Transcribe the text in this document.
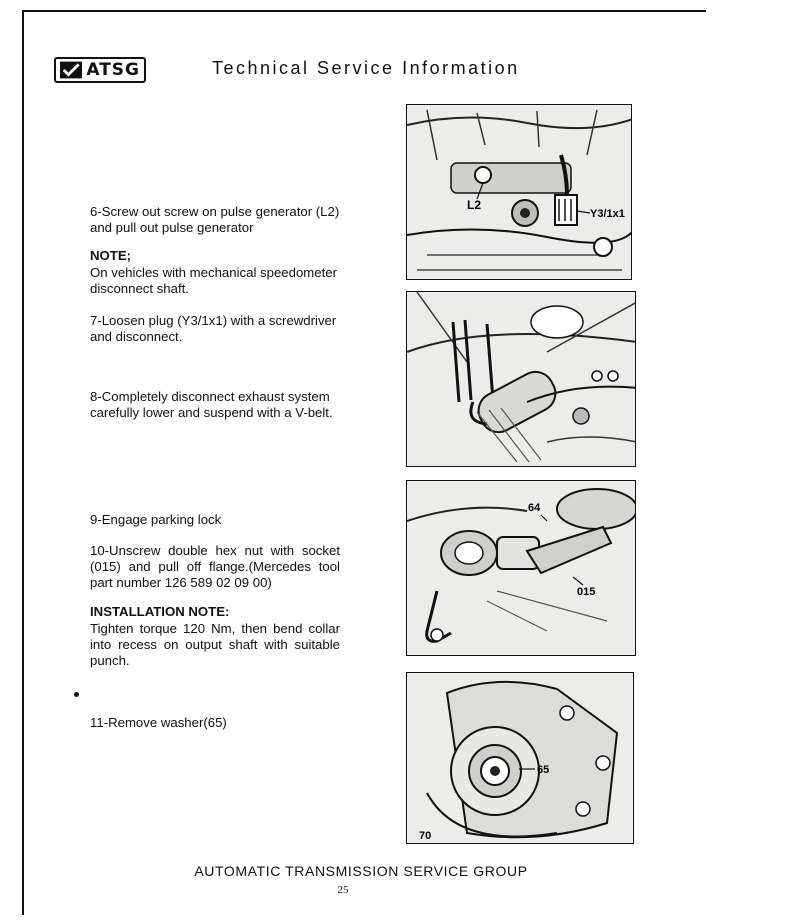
ATSG	Technical Service Information

6-Screw out screw on pulse generator (L2) and pull out pulse generator

NOTE;

On vehicles with mechanical speedometer disconnect shaft.

7-Loosen plug (Y3/1x1) with a screwdriver and disconnect.

8-Completely disconnect exhaust system carefully lower and suspend with a V-belt.

9-Engage parking lock

10-Unscrew double hex nut with socket (015) and pull off flange.(Mercedes tool part number 126 589 02 09 00)

INSTALLATION NOTE:

Tighten torque 120 Nm, then bend collar into recess on output shaft with suitable punch.

11-Remove washer(65)

L2
Y3/1x1
64
015
65
70
AUTOMATIC TRANSMISSION SERVICE GROUP
25
